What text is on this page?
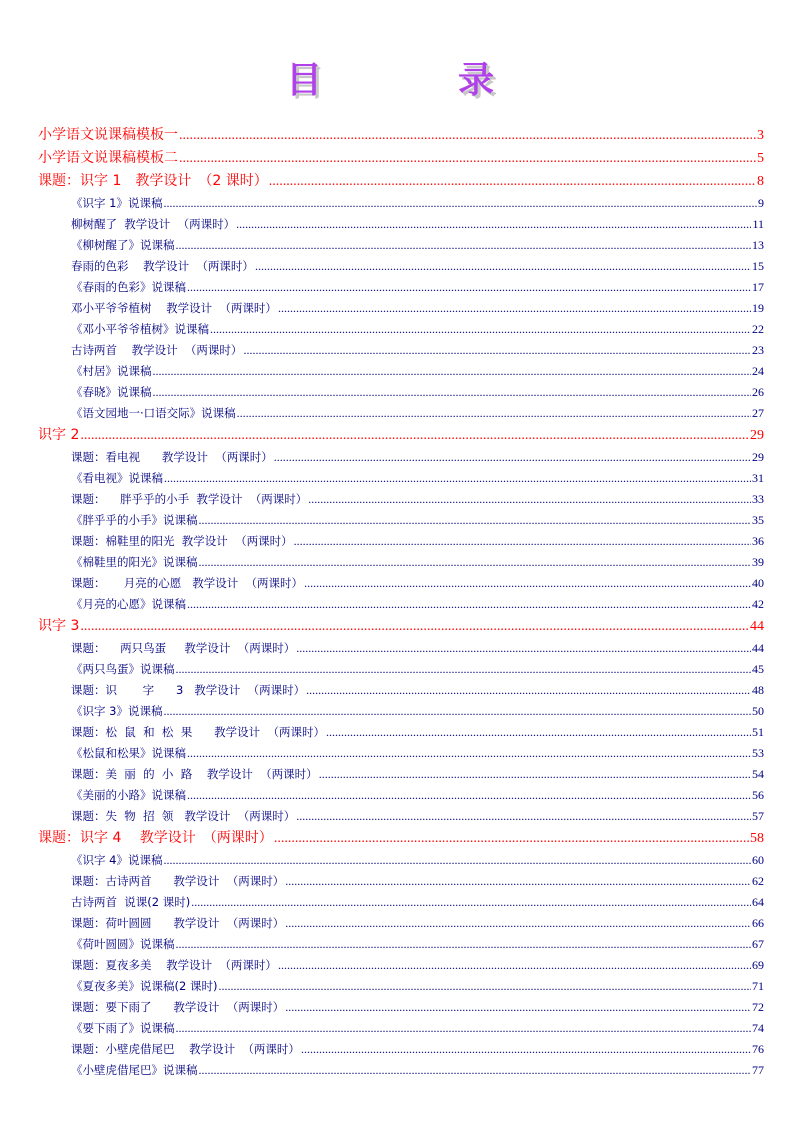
目　录
小学语文说课稿模板一 .....	3
小学语文说课稿模板二 .....	5
课题：识字 1　教学设计　（2 课时） .....	8
《识字 1》说课稿 .....	9
柳树醒了  教学设计  （两课时） .....	11
《柳树醒了》说课稿 .....	13
春雨的色彩    教学设计  （两课时） .....	15
《春雨的色彩》说课稿 .....	17
邓小平爷爷植树    教学设计  （两课时） .....	19
《邓小平爷爷植树》说课稿 .....	22
古诗两首    教学设计  （两课时） .....	23
《村居》说课稿 .....	24
《春晓》说课稿 .....	26
《语文园地一·口语交际》说课稿 .....	27
识字 2 .....	29
课题：看电视      教学设计  （两课时） .....	29
《看电视》说课稿 .....	31
课题：    胖乎乎的小手  教学设计  （两课时） .....	33
《胖乎乎的小手》说课稿 .....	35
课题：棉鞋里的阳光  教学设计  （两课时） .....	36
《棉鞋里的阳光》说课稿 .....	39
课题：     月亮的心愿   教学设计  （两课时） .....	40
《月亮的心愿》说课稿 .....	42
识字 3 .....	44
课题：    两只鸟蛋     教学设计  （两课时） .....	44
《两只鸟蛋》说课稿 .....	45
课题：识       字      3   教学设计  （两课时） .....	48
《识字 3》说课稿 .....	50
课题：松  鼠  和  松  果      教学设计  （两课时） .....	51
《松鼠和松果》说课稿 .....	53
课题：美  丽  的  小  路    教学设计  （两课时） .....	54
《美丽的小路》说课稿 .....	56
课题：失  物  招  领   教学设计  （两课时） .....	57
课题：识字 4　 教学设计　（两课时） .....	58
《识字 4》说课稿 .....	60
课题：古诗两首      教学设计  （两课时） .....	62
古诗两首  说课(2 课时) .....	64
课题：荷叶圆圆      教学设计  （两课时） .....	66
《荷叶圆圆》说课稿 .....	67
课题：夏夜多美    教学设计  （两课时） .....	69
《夏夜多美》说课稿(2 课时) .....	71
课题：要下雨了      教学设计  （两课时） .....	72
《要下雨了》说课稿 .....	74
课题：小壁虎借尾巴    教学设计  （两课时） .....	76
《小壁虎借尾巴》说课稿 .....	77
